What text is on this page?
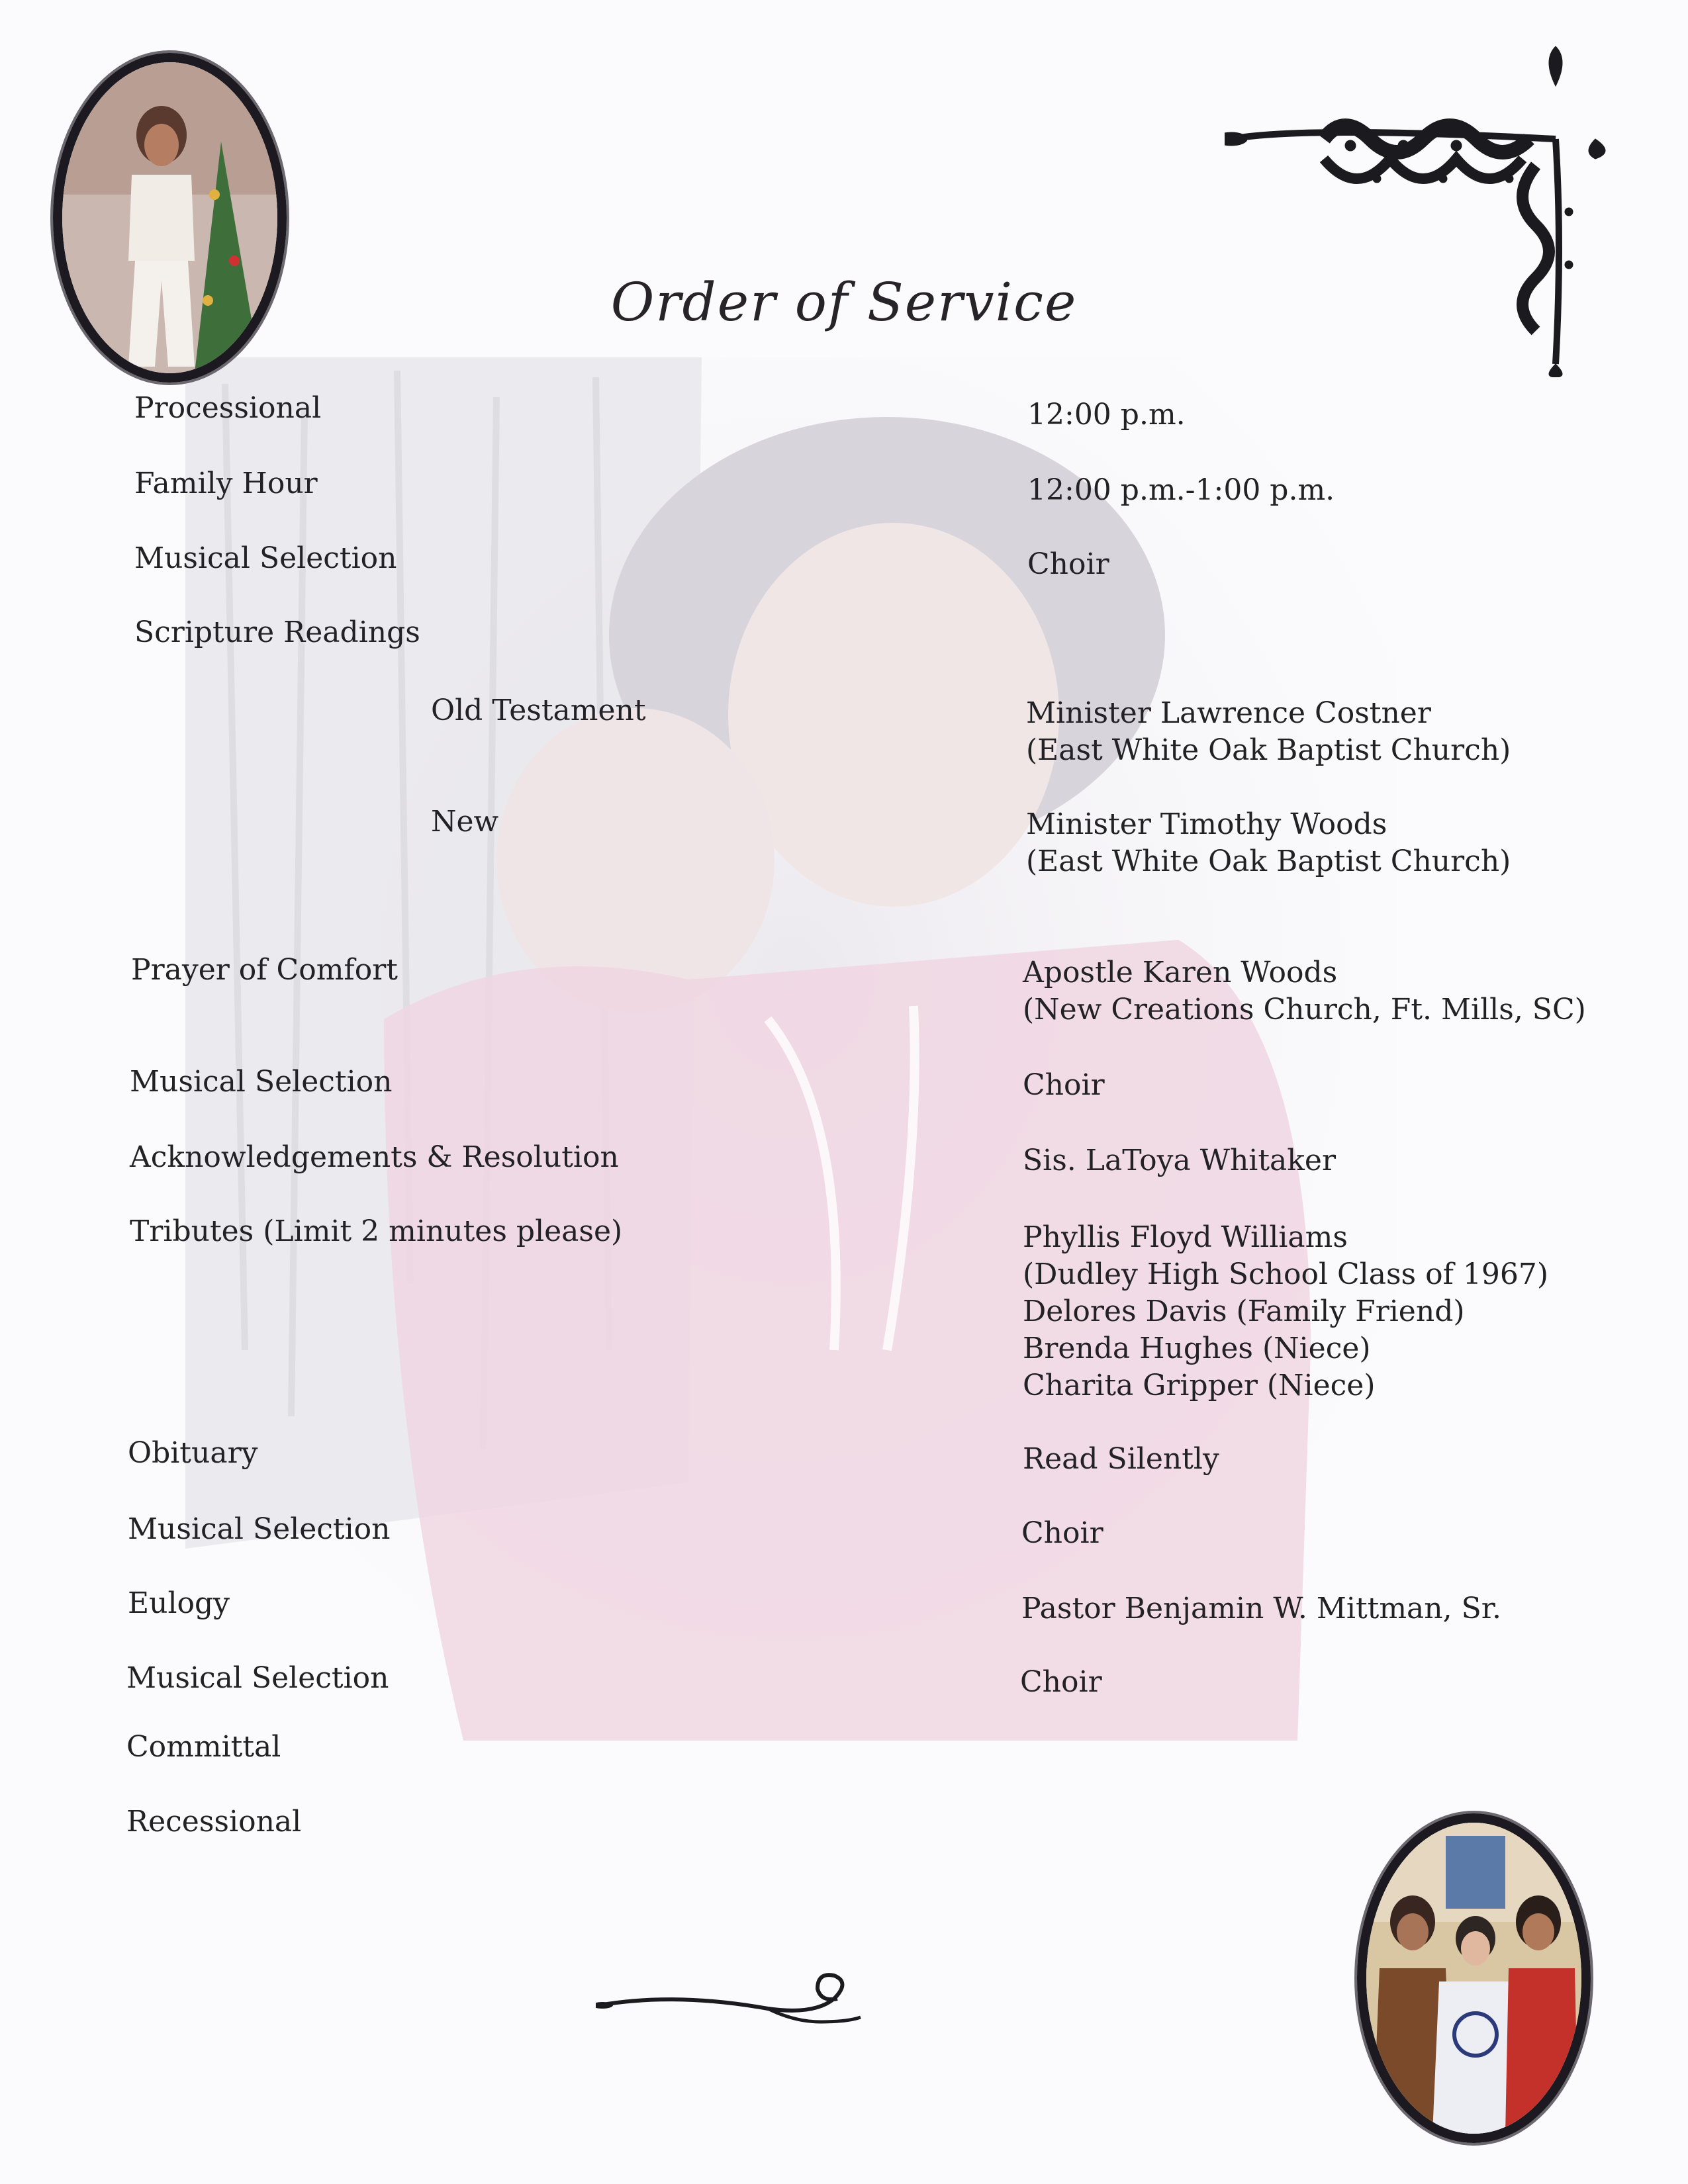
Order of Service
Processional	12:00 p.m.
Family Hour	12:00 p.m.-1:00 p.m.
Musical Selection	Choir
Scripture Readings
Old Testament	Minister Lawrence Costner
(East White Oak Baptist Church)
New	Minister Timothy Woods
(East White Oak Baptist Church)
Prayer of Comfort	Apostle Karen Woods
(New Creations Church, Ft. Mills, SC)
Musical Selection	Choir
Acknowledgements & Resolution	Sis. LaToya Whitaker
Tributes (Limit 2 minutes please)	Phyllis Floyd Williams
(Dudley High School Class of 1967)
Delores Davis (Family Friend)
Brenda Hughes (Niece)
Charita Gripper (Niece)
Obituary	Read Silently
Musical Selection	Choir
Eulogy	Pastor Benjamin W. Mittman, Sr.
Musical Selection	Choir
Committal
Recessional
